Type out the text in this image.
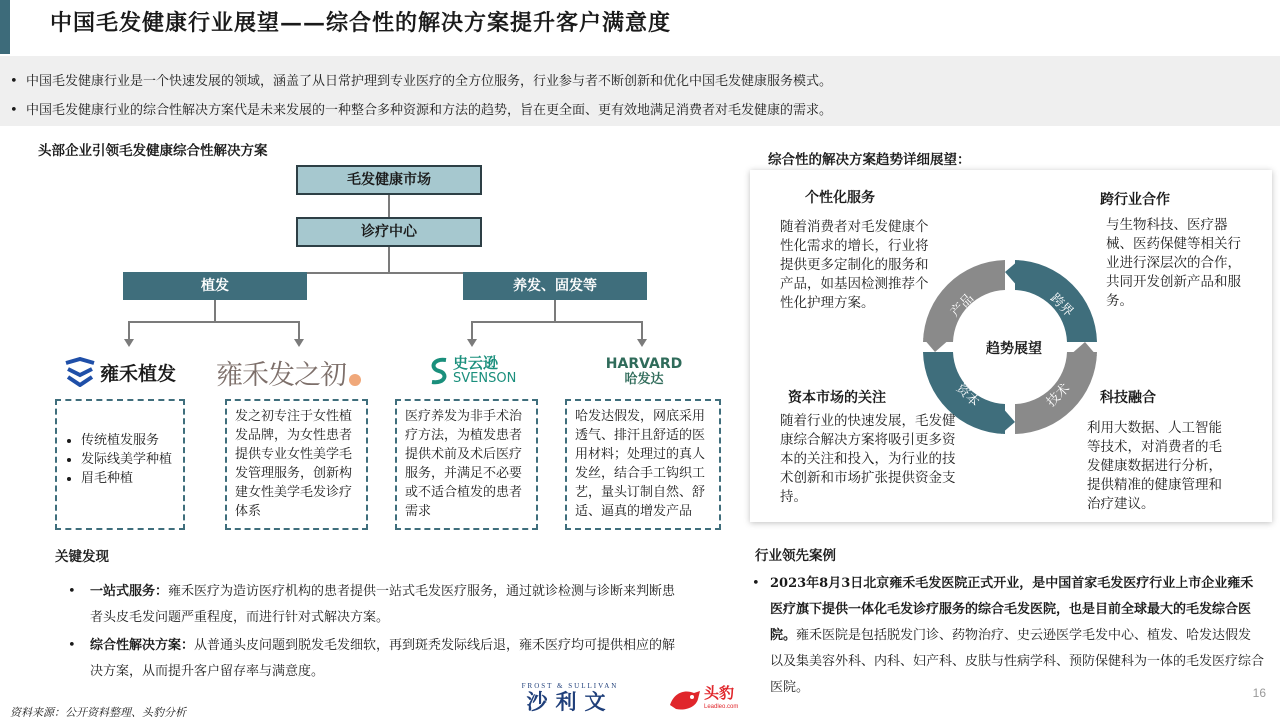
中国毛发健康行业展望——综合性的解决方案提升客户满意度
• 中国毛发健康行业是一个快速发展的领域，涵盖了从日常护理到专业医疗的全方位服务，行业参与者不断创新和优化中国毛发健康服务模式。
• 中国毛发健康行业的综合性解决方案代是未来发展的一种整合多种资源和方法的趋势，旨在更全面、更有效地满足消费者对毛发健康的需求。
头部企业引领毛发健康综合性解决方案
毛发健康市场
诊疗中心
植发	养发、固发等
雍禾植发 雍禾发之初	史云逊
SVENSON
HARVARD
哈发达
• 传统植发服务
• 发际线美学种植
• 眉毛种植
发之初专注于女性植发品牌，为女性患者提供专业女性美学毛发管理服务，创新构建女性美学毛发诊疗体系
医疗养发为非手术治疗方法，为植发患者提供术前及术后医疗服务，并满足不必要或不适合植发的患者需求
哈发达假发，网底采用透气、排汗且舒适的医用材料；处理过的真人发丝，结合手工钩织工艺，量头订制自然、舒适、逼真的增发产品
关键发现
• 一站式服务：雍禾医疗为造访医疗机构的患者提供一站式毛发医疗服务，通过就诊检测与诊断来判断患者头皮毛发问题严重程度，而进行针对式解决方案。
• 综合性解决方案：从普通头皮问题到脱发毛发细软，再到斑秃发际线后退，雍禾医疗均可提供相应的解决方案，从而提升客户留存率与满意度。
综合性的解决方案趋势详细展望：
产品	跨界
技术
资本
趋势展望
个性化服务
随着消费者对毛发健康个性化需求的增长，行业将提供更多定制化的服务和产品，如基因检测推荐个性化护理方案。
跨行业合作
与生物科技、医疗器械、医药保健等相关行业进行深层次的合作，共同开发创新产品和服务。
资本市场的关注
随着行业的快速发展，毛发健康综合解决方案将吸引更多资本的关注和投入，为行业的技术创新和市场扩张提供资金支持。
科技融合
利用大数据、人工智能等技术，对消费者的毛发健康数据进行分析，提供精准的健康管理和治疗建议。
行业领先案例
• 2023年8月3日北京雍禾毛发医院正式开业，是中国首家毛发医疗行业上市企业雍禾医疗旗下提供一体化毛发诊疗服务的综合毛发医院，也是目前全球最大的毛发综合医院。雍禾医院是包括脱发门诊、药物治疗、史云逊医学毛发中心、植发、哈发达假发以及集美容外科、内科、妇产科、皮肤与性病学科、预防保健科为一体的毛发医疗综合医院。
资料来源：公开资料整理、头豹分析
FROST & SULLIVAN
沙利文	头豹
Leadleo.com
16
